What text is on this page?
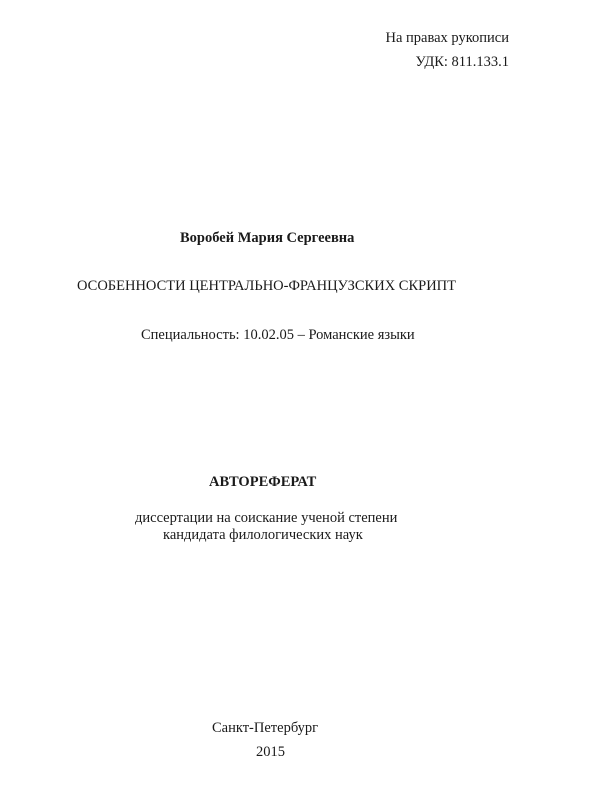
На правах рукописи
УДК: 811.133.1
Воробей Мария Сергеевна
ОСОБЕННОСТИ ЦЕНТРАЛЬНО-ФРАНЦУЗСКИХ СКРИПТ
Специальность: 10.02.05 – Романские языки
АВТОРЕФЕРАТ
диссертации на соискание ученой степени
кандидата филологических наук
Санкт-Петербург
2015
